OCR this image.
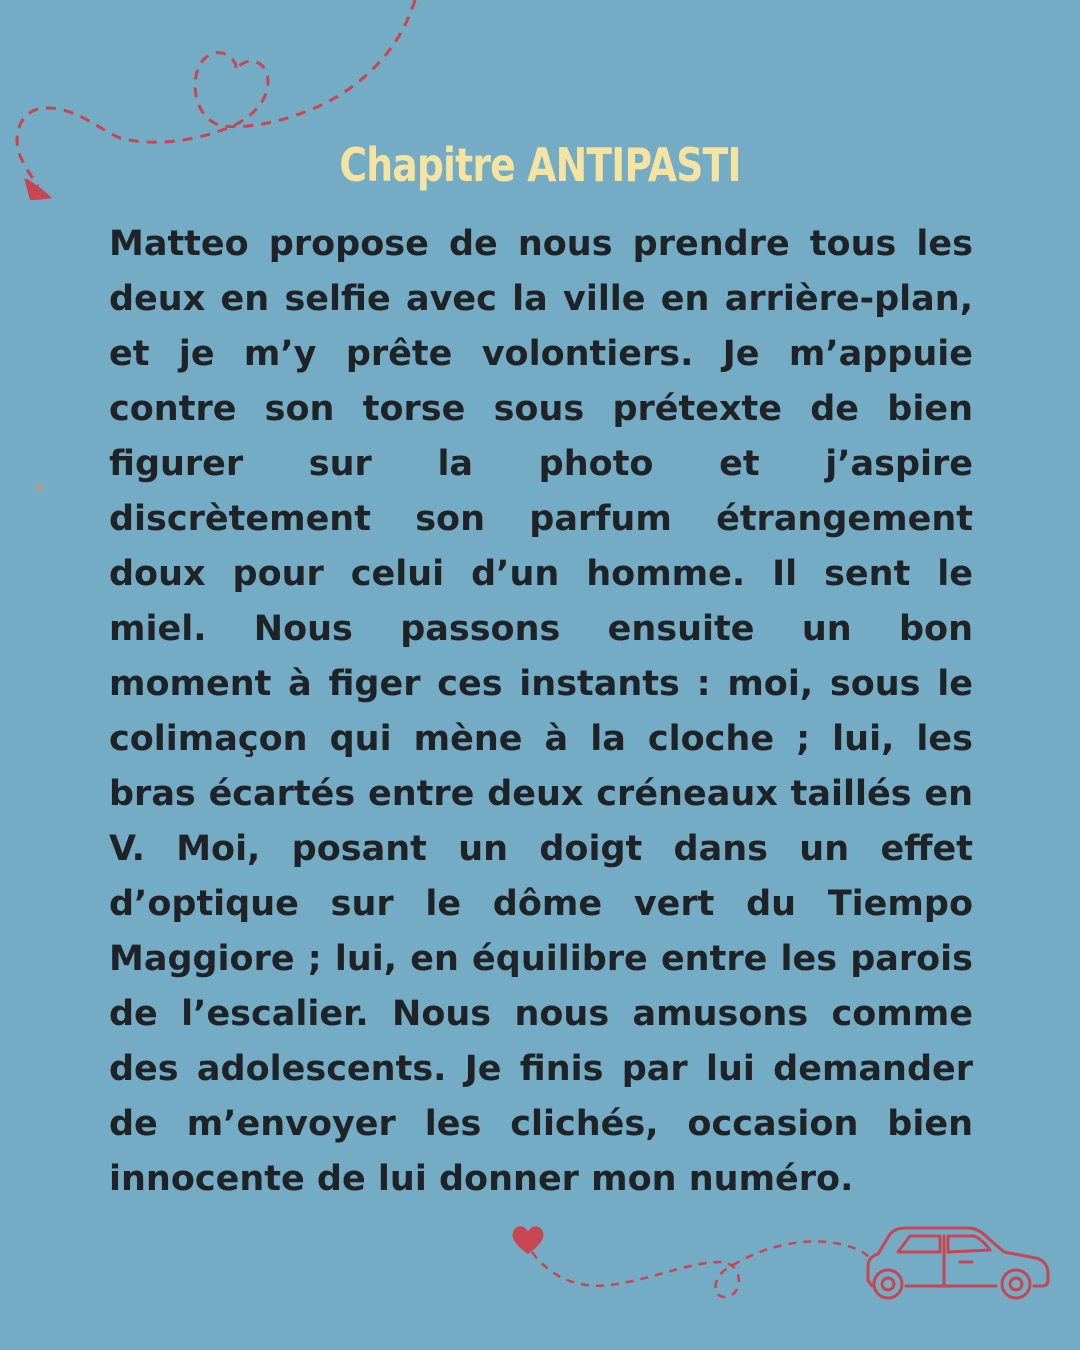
Chapitre ANTIPASTI
Matteo propose de nous prendre tous les
deux en selfie avec la ville en arrière-plan,
et je m’y prête volontiers. Je m’appuie
contre son torse sous prétexte de bien
figurer sur la photo et j’aspire
discrètement son parfum étrangement
doux pour celui d’un homme. Il sent le
miel. Nous passons ensuite un bon
moment à figer ces instants : moi, sous le
colimaçon qui mène à la cloche ; lui, les
bras écartés entre deux créneaux taillés en
V. Moi, posant un doigt dans un effet
d’optique sur le dôme vert du Tiempo
Maggiore ; lui, en équilibre entre les parois
de l’escalier. Nous nous amusons comme
des adolescents. Je finis par lui demander
de m’envoyer les clichés, occasion bien
innocente de lui donner mon numéro.
